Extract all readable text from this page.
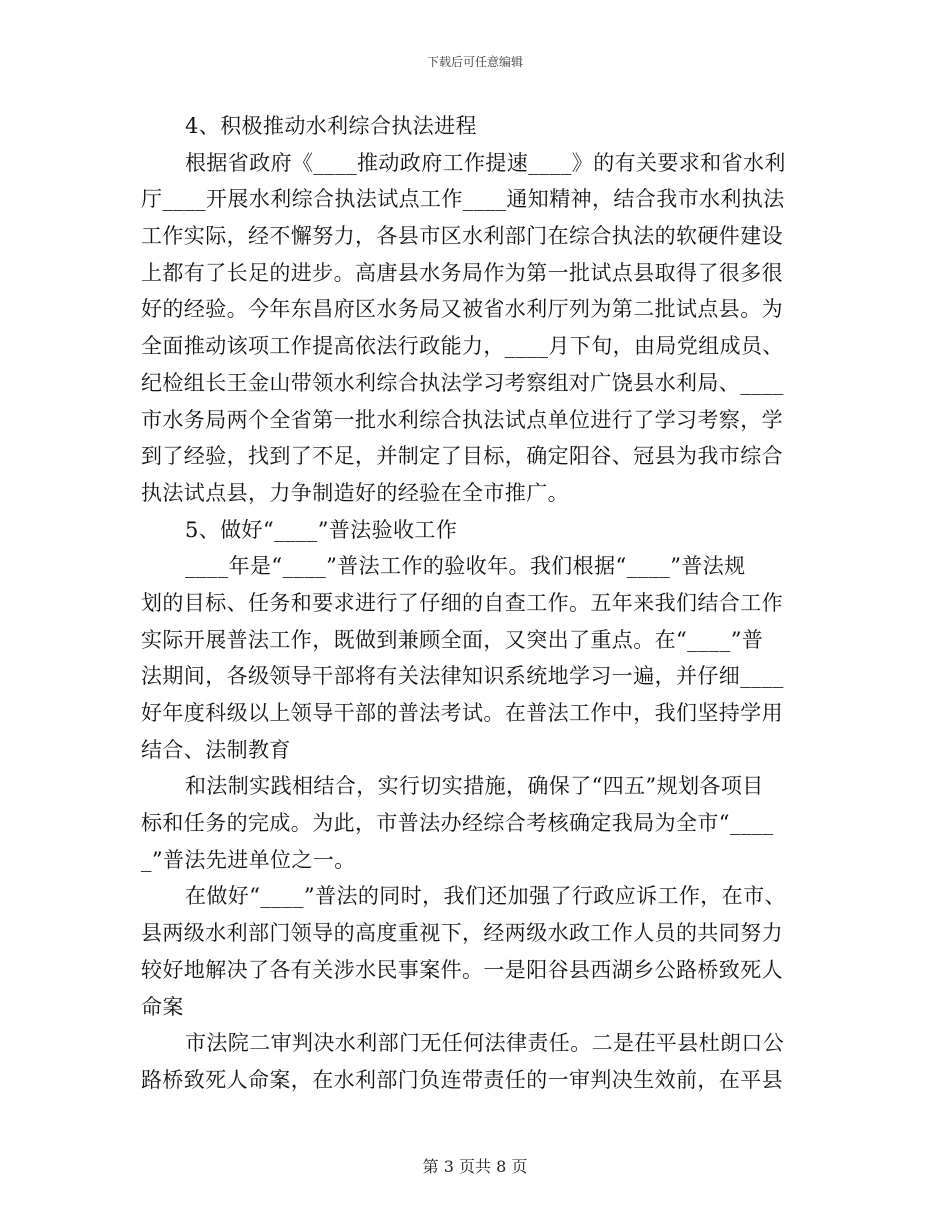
下载后可任意编辑
4、积极推动水利综合执法进程
根据省政府《____推动政府工作提速____》的有关要求和省水利
厅____开展水利综合执法试点工作____通知精神，结合我市水利执法
工作实际，经不懈努力，各县市区水利部门在综合执法的软硬件建设
上都有了长足的进步。高唐县水务局作为第一批试点县取得了很多很
好的经验。今年东昌府区水务局又被省水利厅列为第二批试点县。为
全面推动该项工作提高依法行政能力，____月下旬，由局党组成员、
纪检组长王金山带领水利综合执法学习考察组对广饶县水利局、____
市水务局两个全省第一批水利综合执法试点单位进行了学习考察，学
到了经验，找到了不足，并制定了目标，确定阳谷、冠县为我市综合
执法试点县，力争制造好的经验在全市推广。
5、做好“____”普法验收工作
____年是“____”普法工作的验收年。我们根据“____”普法规
划的目标、任务和要求进行了仔细的自查工作。五年来我们结合工作
实际开展普法工作，既做到兼顾全面，又突出了重点。在“____”普
法期间，各级领导干部将有关法律知识系统地学习一遍，并仔细____
好年度科级以上领导干部的普法考试。在普法工作中，我们坚持学用
结合、法制教育
和法制实践相结合，实行切实措施，确保了“四五”规划各项目
标和任务的完成。为此，市普法办经综合考核确定我局为全市“____
_”普法先进单位之一。
在做好“____”普法的同时，我们还加强了行政应诉工作，在市、
县两级水利部门领导的高度重视下，经两级水政工作人员的共同努力
较好地解决了各有关涉水民事案件。一是阳谷县西湖乡公路桥致死人
命案
市法院二审判决水利部门无任何法律责任。二是茌平县杜朗口公
路桥致死人命案，在水利部门负连带责任的一审判决生效前，在平县
第 3 页共 8 页
